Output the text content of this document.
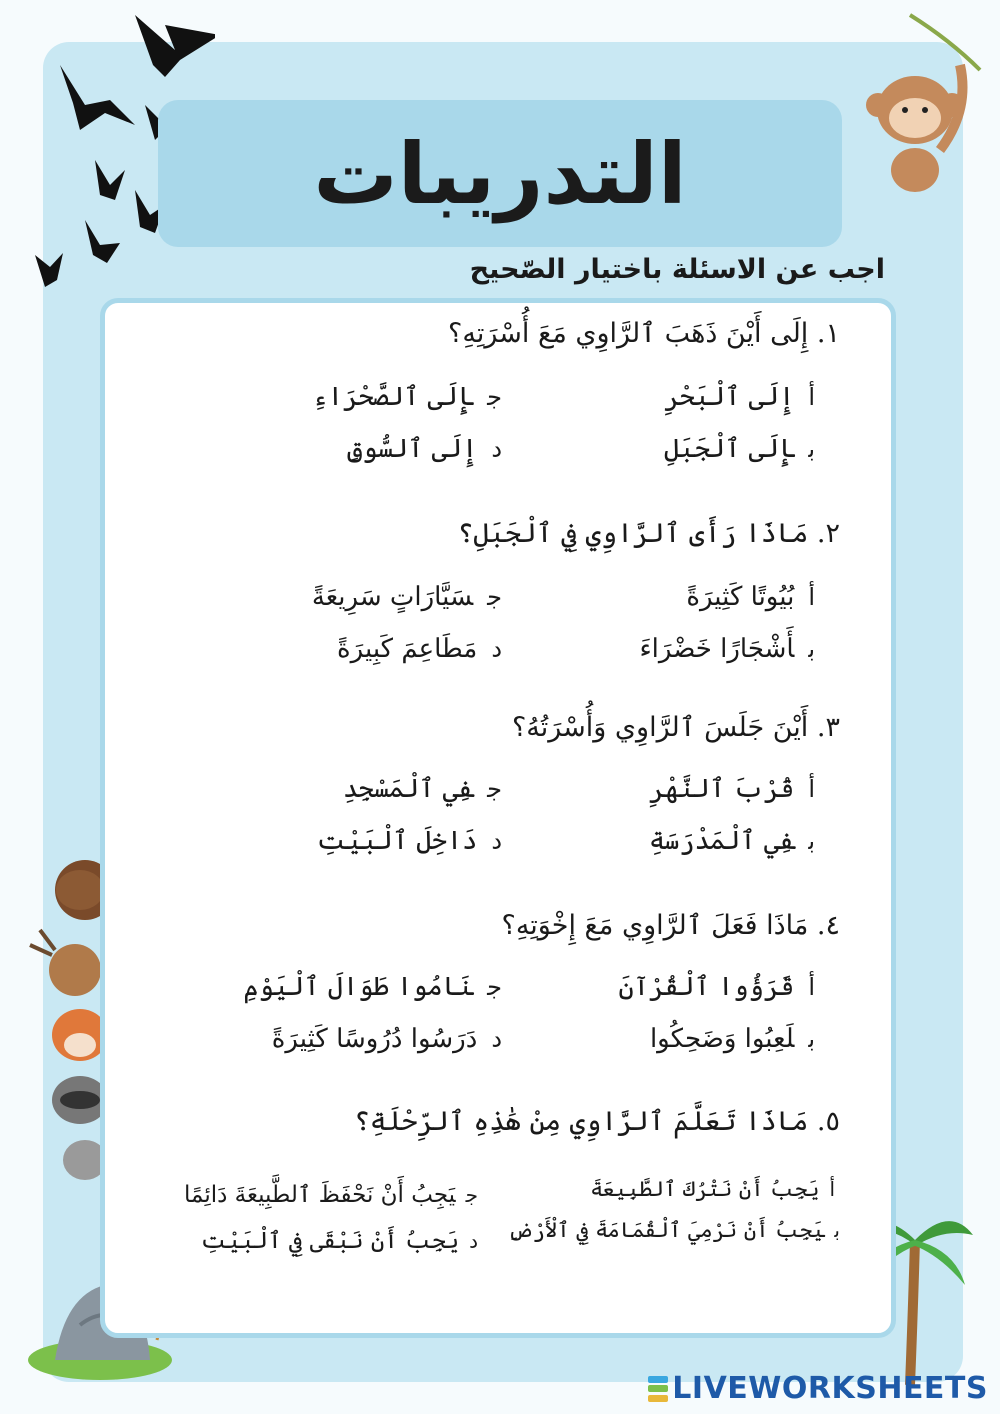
التدريبات
اجب عن الاسئلة باختيار الصّحيح
١. إِلَى أَيْنَ ذَهَبَ ٱلرَّاوِي مَعَ أُسْرَتِهِ؟
أإِلَى ٱلْبَحْرِ
بإِلَى ٱلْجَبَلِ
جإِلَى ٱلصَّحْرَاءِ
دإِلَى ٱلسُّوقِ
٢. مَاذَا رَأَى ٱلرَّاوِي فِي ٱلْجَبَلِ؟
أبُيُوتًا كَثِيرَةً
بأَشْجَارًا خَضْرَاءَ
جسَيَّارَاتٍ سَرِيعَةً
دمَطَاعِمَ كَبِيرَةً
٣. أَيْنَ جَلَسَ ٱلرَّاوِي وَأُسْرَتُهُ؟
أقُرْبَ ٱلنَّهْرِ
بفِي ٱلْمَدْرَسَةِ
جفِي ٱلْمَسْجِدِ
ددَاخِلَ ٱلْبَيْتِ
٤. مَاذَا فَعَلَ ٱلرَّاوِي مَعَ إِخْوَتِهِ؟
أقَرَؤُوا ٱلْقُرْآنَ
بلَعِبُوا وَضَحِكُوا
جنَامُوا طَوَالَ ٱلْيَوْمِ
ددَرَسُوا دُرُوسًا كَثِيرَةً
٥. مَاذَا تَعَلَّمَ ٱلرَّاوِي مِنْ هَٰذِهِ ٱلرِّحْلَةِ؟
أيَجِبُ أَنْ نَتْرُكَ ٱلطَّبِيعَةَ
بيَجِبُ أَنْ نَرْمِيَ ٱلْقُمَامَةَ فِي ٱلْأَرْضِ
جيَجِبُ أَنْ نَحْفَظَ ٱلطَّبِيعَةَ دَائِمًا
ديَجِبُ أَنْ نَبْقَى فِي ٱلْبَيْتِ
LIVEWORKSHEETS
